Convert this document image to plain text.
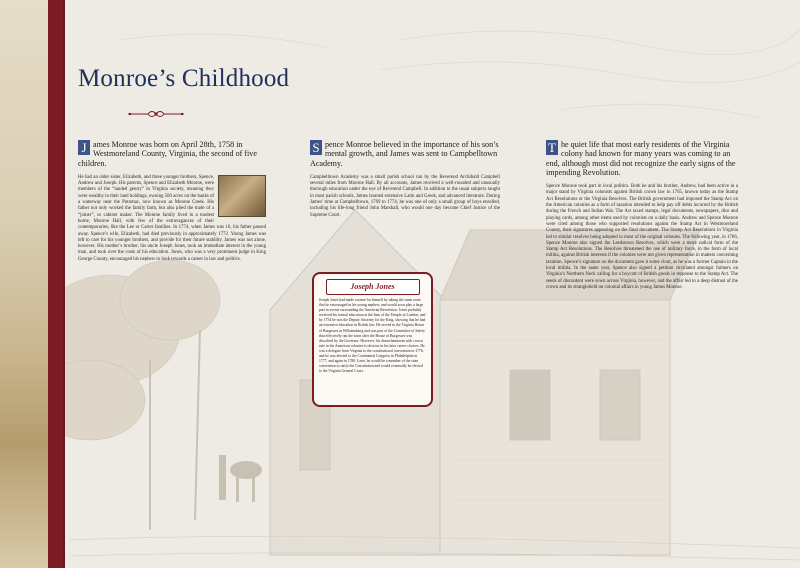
Monroe’s Childhood

J ames Monroe was born on April 28th, 1758 in Westmoreland County, Virginia, the second of five children.

He had an older sister, Elizabeth, and three younger brothers, Spence, Andrew and Joseph. His parents, Spence and Elizabeth Monroe, were members of the “landed gentry” in Virginia society, meaning they were wealthy in their land holdings, owning 500 acres on the banks of a waterway near the Potomac, now known as Monroe Creek. His father not only worked the family farm, but also plied the trade of a “joiner”, or cabinet maker. The Monroe family lived in a modest home, Monroe Hall, with few of the extravagances of their contemporaries, like the Lee or Carter families. In 1774, when James was 16, his father passed away. Spence’s wife, Elizabeth, had died previously in approximately 1772. Young James was left to care for his younger brothers, and provide for their future stability. James was not alone, however. His mother’s brother, his uncle Joseph Jones, took an immediate interest in the young man, and took over the costs of his education. Jones, who was a very prominent judge in King George County, encouraged his nephew to look towards a career in law and politics.

S pence Monroe believed in the importance of his son’s mental growth, and James was sent to Campbelltown Academy.

Campbelltown Academy was a small parish school run by the Reverend Archibald Campbell several miles from Monroe Hall. By all accounts, James received a well-rounded and unusually thorough education under the eye of Reverend Campbell. In addition to the usual subjects taught in most parish schools, James learned extensive Latin and Greek, and advanced literature. During James’ time at Campbelltown, 1769 to 1774, he was one of only a small group of boys enrolled, including his life-long friend John Marshall, who would one day become Chief Justice of the Supreme Court.

T he quiet life that most early residents of the Virginia colony had known for many years was coming to an end, although most did not recognize the early signs of the impending Revolution.

Spence Monroe took part in local politics. Both he and his brother, Andrew, had been active in a major stand by Virginia colonists against British crown law in 1765, known today as the Stamp Act Resolutions or the Virginia Resolves. The British government had imposed the Stamp Act on the American colonies as a form of taxation intended to help pay off debts incurred by the British during the French and Indian War. The Act taxed stamps, legal documents, newspapers, dice and playing cards, among other items used by colonists on a daily basis. Andrew and Spence Monroe were cited among those who supported resolutions against the Stamp Act in Westmoreland County, their signatures appearing on the final document. The Stamp Act Resolutions in Virginia led to similar resolves being adopted in most of the original colonies. The following year, in 1766, Spence Monroe also signed the Leedstown Resolves, which were a more radical form of the Stamp Act Resolutions. The Resolves threatened the use of military force, in the form of local militia, against British interests if the colonies were not given representation in matters concerning taxation. Spence’s signature on the document gave it some clout, as he was a former Captain in the local militia. In the same year, Spence also signed a petition circulated amongst farmers on Virginia’s Northern Neck calling for a boycott of British goods in response to the Stamp Act. The seeds of discontent were sown across Virginia, however, and the affair led to a deep distrust of the crown and its stranglehold on colonial affairs in young James Monroe.

Joseph Jones

Joseph Jones had made a name for himself by taking the same route that he encouraged in his young nephew, and would soon play a large part in events surrounding the American Revolution. Jones probably received his formal education at the Inns of the Temple in London, and by 1754 he was the Deputy Attorney for the King, showing that he had an extensive education in British law. He served in the Virginia House of Burgesses in Williamsburg and was part of the Committee of Safety that effectively ran the town after the House of Burgesses was dissolved by the Governor. However, his disenchantment with crown rule in the American colonies is obvious in his later career choices. He was a delegate from Virginia to the constitutional convention in 1776, and he was elected to the Continental Congress in Philadelphia in 1777, and again in 1780. Later, he would be a member of the state convention to ratify the Constitution and would eventually be elected to the Virginia General Court.
